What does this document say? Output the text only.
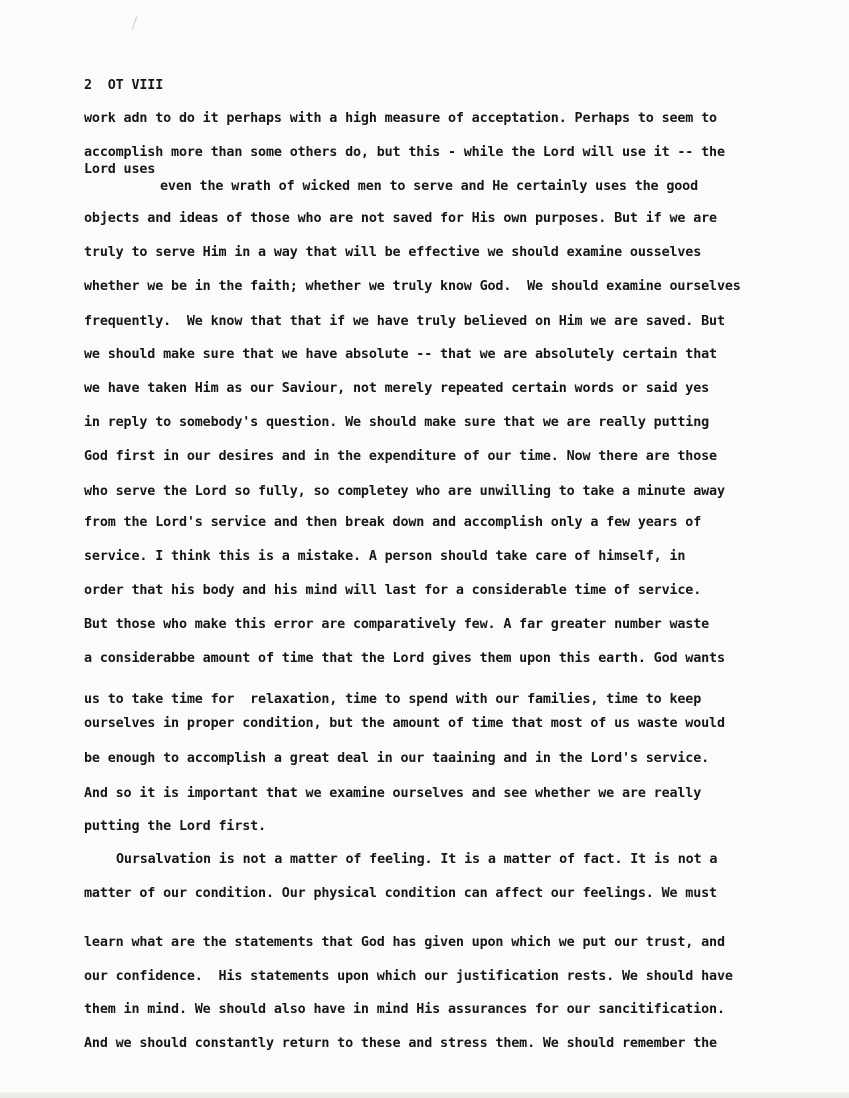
2  OT VIII
work adn to do it perhaps with a high measure of acceptation. Perhaps to seem to
accomplish more than some others do, but this - while the Lord will use it -- the
Lord uses
even the wrath of wicked men to serve and He certainly uses the good
objects and ideas of those who are not saved for His own purposes. But if we are
truly to serve Him in a way that will be effective we should examine ousselves
whether we be in the faith; whether we truly know God.  We should examine ourselves
frequently.  We know that that if we have truly believed on Him we are saved. But
we should make sure that we have absolute -- that we are absolutely certain that
we have taken Him as our Saviour, not merely repeated certain words or said yes
in reply to somebody's question. We should make sure that we are really putting
God first in our desires and in the expenditure of our time. Now there are those
who serve the Lord so fully, so completey who are unwilling to take a minute away
from the Lord's service and then break down and accomplish only a few years of
service. I think this is a mistake. A person should take care of himself, in
order that his body and his mind will last for a considerable time of service.
But those who make this error are comparatively few. A far greater number waste
a considerabbe amount of time that the Lord gives them upon this earth. God wants
us to take time for  relaxation, time to spend with our families, time to keep
ourselves in proper condition, but the amount of time that most of us waste would
be enough to accomplish a great deal in our taaining and in the Lord's service.
And so it is important that we examine ourselves and see whether we are really
putting the Lord first.
Oursalvation is not a matter of feeling. It is a matter of fact. It is not a
matter of our condition. Our physical condition can affect our feelings. We must
learn what are the statements that God has given upon which we put our trust, and
our confidence.  His statements upon which our justification rests. We should have
them in mind. We should also have in mind His assurances for our sancitification.
And we should constantly return to these and stress them. We should remember the
